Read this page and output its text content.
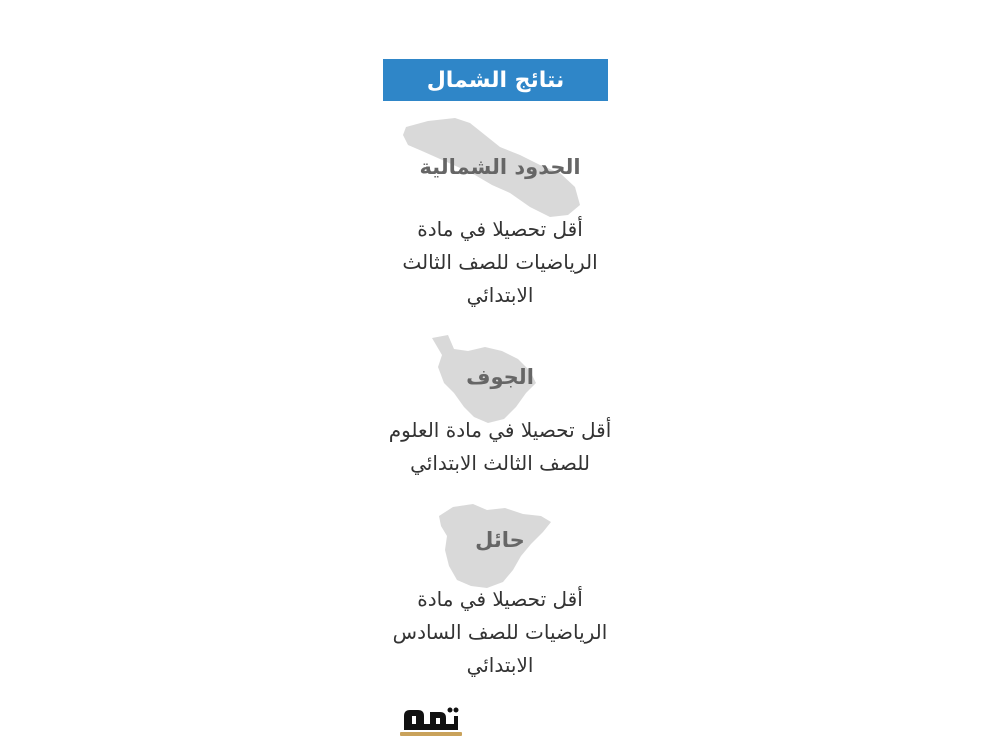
نتائج الشمال
الحدود الشمالية
أقل تحصيلا في مادة
الرياضيات للصف الثالث
الابتدائي
الجوف
أقل تحصيلا في مادة العلوم
للصف الثالث الابتدائي
حائل
أقل تحصيلا في مادة
الرياضيات للصف السادس
الابتدائي
